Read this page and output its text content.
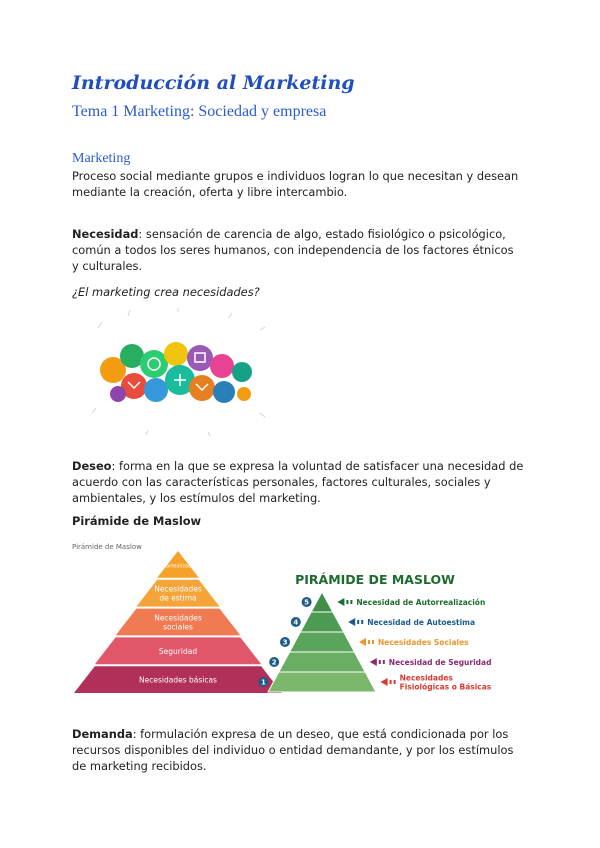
Introducción al Marketing
Tema 1 Marketing: Sociedad y empresa
Marketing
Proceso social mediante grupos e individuos logran lo que necesitan y desean
mediante la creación, oferta y libre intercambio.
Necesidad: sensación de carencia de algo, estado fisiológico o psicológico,
común a todos los seres humanos, con independencia de los factores étnicos
y culturales.
¿El marketing crea necesidades?
Deseo: forma en la que se expresa la voluntad de satisfacer una necesidad de
acuerdo con las características personales, factores culturales, sociales y
ambientales, y los estímulos del marketing.
Pirámide de Maslow
Pirámide de Maslow
Autorrealización
Necesidades
de estima
Necesidades
sociales
Seguridad
Necesidades básicas
PIRÁMIDE DE MASLOW
5	Necesidad de Autorrealización
4	Necesidad de Autoestima
3	Necesidades Sociales
2	Necesidad de Seguridad
1
Necesidades
Fisiológicas o Básicas
Demanda: formulación expresa de un deseo, que está condicionada por los
recursos disponibles del individuo o entidad demandante, y por los estímulos
de marketing recibidos.
